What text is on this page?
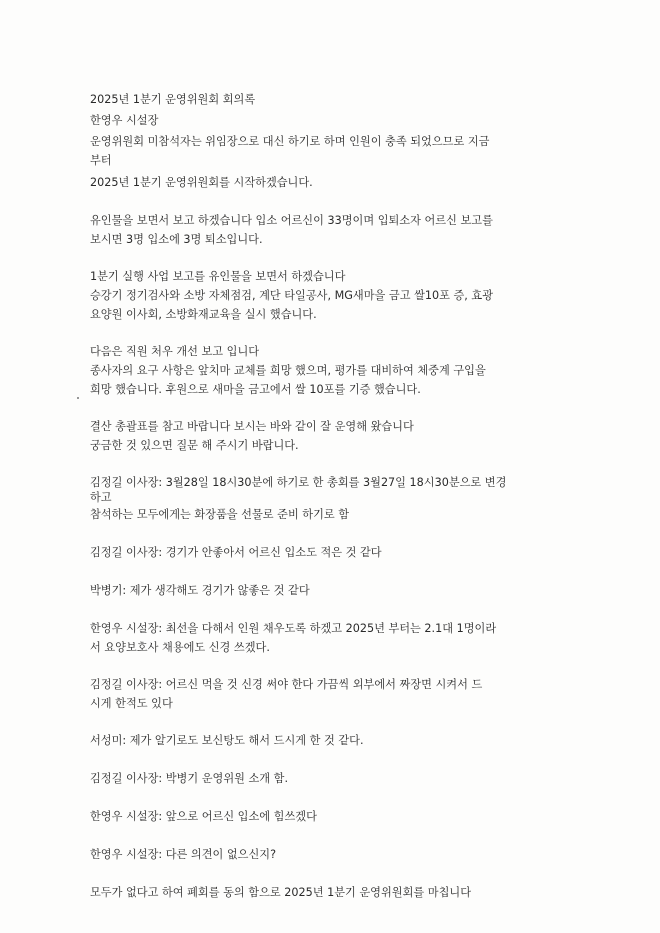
2025년 1분기 운영위원회 회의록

한영우 시설장

운영위원회 미참석자는 위임장으로 대신 하기로 하며 인원이 충족 되었으므로 지금
부터

2025년 1분기 운영위원회를 시작하겠습니다.

유인물을 보면서 보고 하겠습니다 입소 어르신이 33명이며 입퇴소자 어르신 보고를
보시면 3명 입소에 3명 퇴소입니다.

1분기 실행 사업 보고를 유인물을 보면서 하겠습니다
승강기 정기검사와 소방 자체점검, 계단 타일공사, MG새마을 금고 쌀10포 증, 효광
요양원 이사회, 소방화재교육을 실시 했습니다.

다음은 직원 처우 개선 보고 입니다
종사자의 요구 사항은 앞치마 교체를 희망 했으며, 평가를 대비하여 체중계 구입을
희망 했습니다. 후원으로 새마을 금고에서 쌀 10포를 기증 했습니다.

결산 총괄표를 참고 바랍니다 보시는 바와 같이 잘 운영해 왔습니다
궁금한 것 있으면 질문 해 주시기 바랍니다.

김정길 이사장: 3월28일 18시30분에 하기로 한 총회를 3월27일 18시30분으로 변경
하고
참석하는 모두에게는 화장품을 선물로 준비 하기로 함

김정길 이사장: 경기가 안좋아서 어르신 입소도 적은 것 같다

박병기: 제가 생각해도 경기가 않좋은 것 같다

한영우 시설장: 최선을 다해서 인원 채우도록 하겠고 2025년 부터는 2.1대 1명이라
서 요양보호사 채용에도 신경 쓰겠다.

김정길 이사장: 어르신 먹을 것 신경 써야 한다 가끔씩 외부에서 짜장면 시켜서 드
시게 한적도 있다

서성미: 제가 알기로도 보신탕도 해서 드시게 한 것 같다.

김정길 이사장: 박병기 운영위원 소개 함.

한영우 시설장: 앞으로 어르신 입소에 힘쓰겠다

한영우 시설장: 다른 의견이 없으신지?

모두가 없다고 하여 폐회를 동의 함으로 2025년 1분기 운영위원회를 마칩니다
